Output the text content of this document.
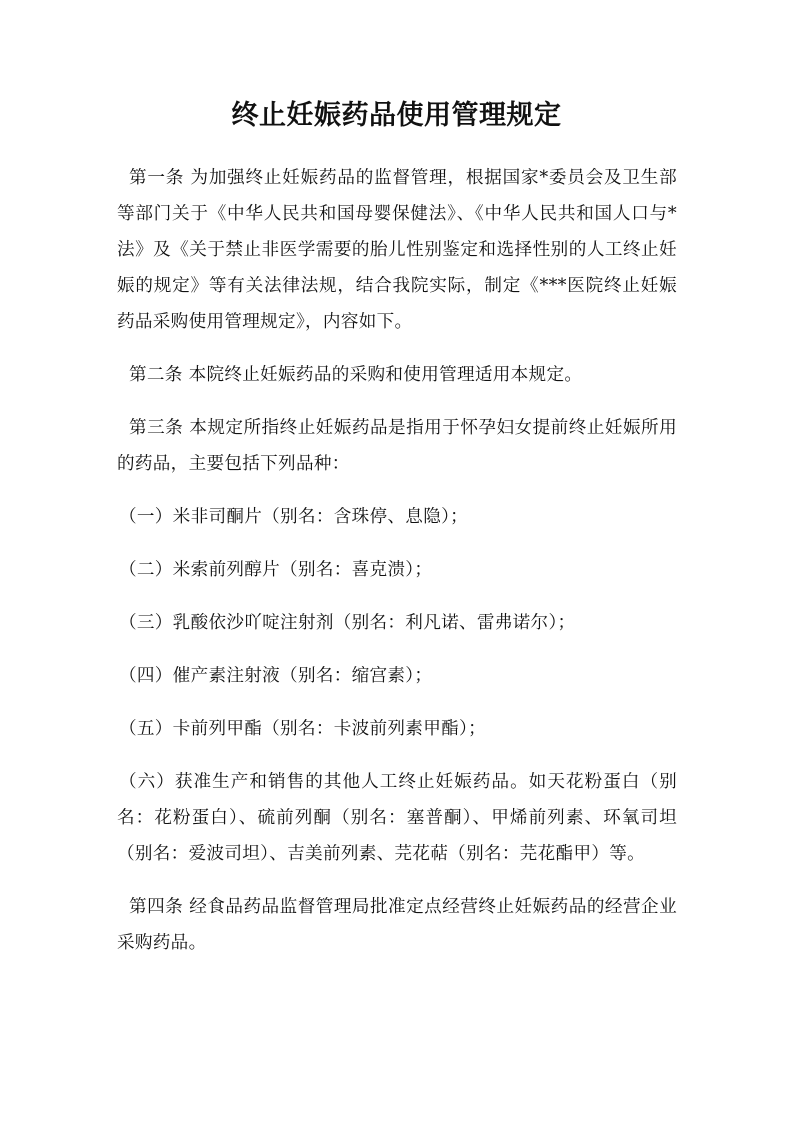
终止妊娠药品使用管理规定

第一条 为加强终止妊娠药品的监督管理，根据国家*委员会及卫生部等部门关于《中华人民共和国母婴保健法》、《中华人民共和国人口与*法》及《关于禁止非医学需要的胎儿性别鉴定和选择性别的人工终止妊娠的规定》等有关法律法规，结合我院实际，制定《***医院终止妊娠药品采购使用管理规定》，内容如下。

第二条 本院终止妊娠药品的采购和使用管理适用本规定。

第三条 本规定所指终止妊娠药品是指用于怀孕妇女提前终止妊娠所用的药品，主要包括下列品种：

（一）米非司酮片（别名：含珠停、息隐）；

（二）米索前列醇片（别名：喜克溃）；

（三）乳酸依沙吖啶注射剂（别名：利凡诺、雷弗诺尔）；

（四）催产素注射液（别名：缩宫素）；

（五）卡前列甲酯（别名：卡波前列素甲酯）；

（六）获准生产和销售的其他人工终止妊娠药品。如天花粉蛋白（别名：花粉蛋白）、硫前列酮（别名：塞普酮）、甲烯前列素、环氧司坦（别名：爱波司坦）、吉美前列素、芫花萜（别名：芫花酯甲）等。

第四条 经食品药品监督管理局批准定点经营终止妊娠药品的经营企业采购药品。
